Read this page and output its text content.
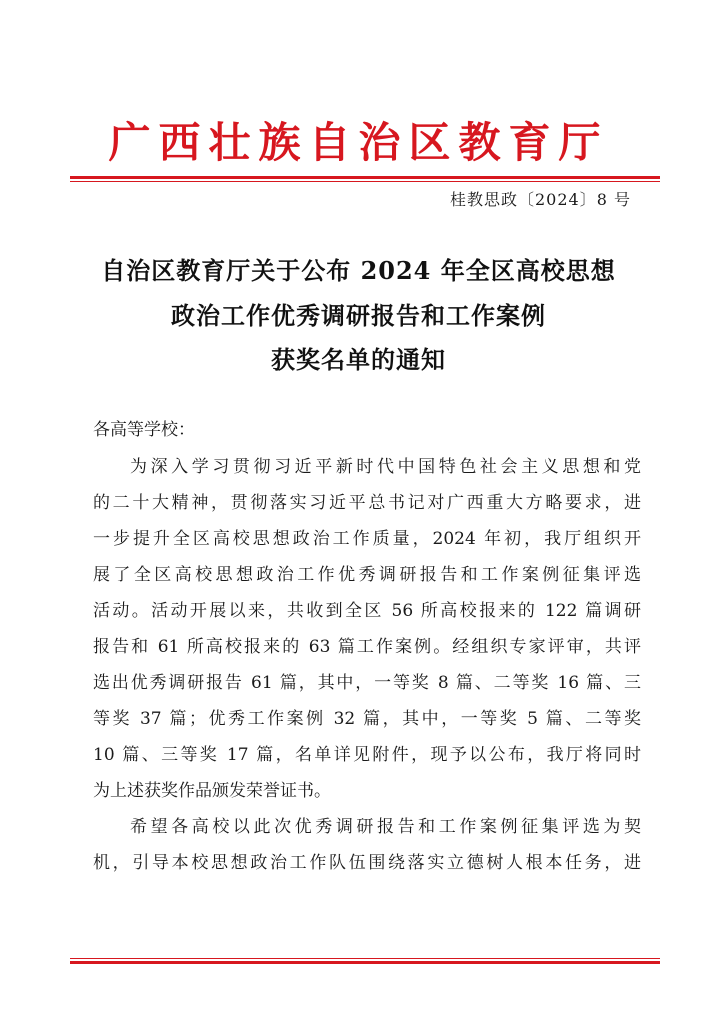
广西壮族自治区教育厅
桂教思政〔2024〕8 号
自治区教育厅关于公布 2024 年全区高校思想
政治工作优秀调研报告和工作案例
获奖名单的通知
各高等学校：
为深入学习贯彻习近平新时代中国特色社会主义思想和党
的二十大精神，贯彻落实习近平总书记对广西重大方略要求，进
一步提升全区高校思想政治工作质量，2024 年初，我厅组织开
展了全区高校思想政治工作优秀调研报告和工作案例征集评选
活动。活动开展以来，共收到全区 56 所高校报来的 122 篇调研
报告和 61 所高校报来的 63 篇工作案例。经组织专家评审，共评
选出优秀调研报告 61 篇，其中，一等奖 8 篇、二等奖 16 篇、三
等奖 37 篇；优秀工作案例 32 篇，其中，一等奖 5 篇、二等奖
10 篇、三等奖 17 篇，名单详见附件，现予以公布，我厅将同时
为上述获奖作品颁发荣誉证书。
希望各高校以此次优秀调研报告和工作案例征集评选为契
机，引导本校思想政治工作队伍围绕落实立德树人根本任务，进
